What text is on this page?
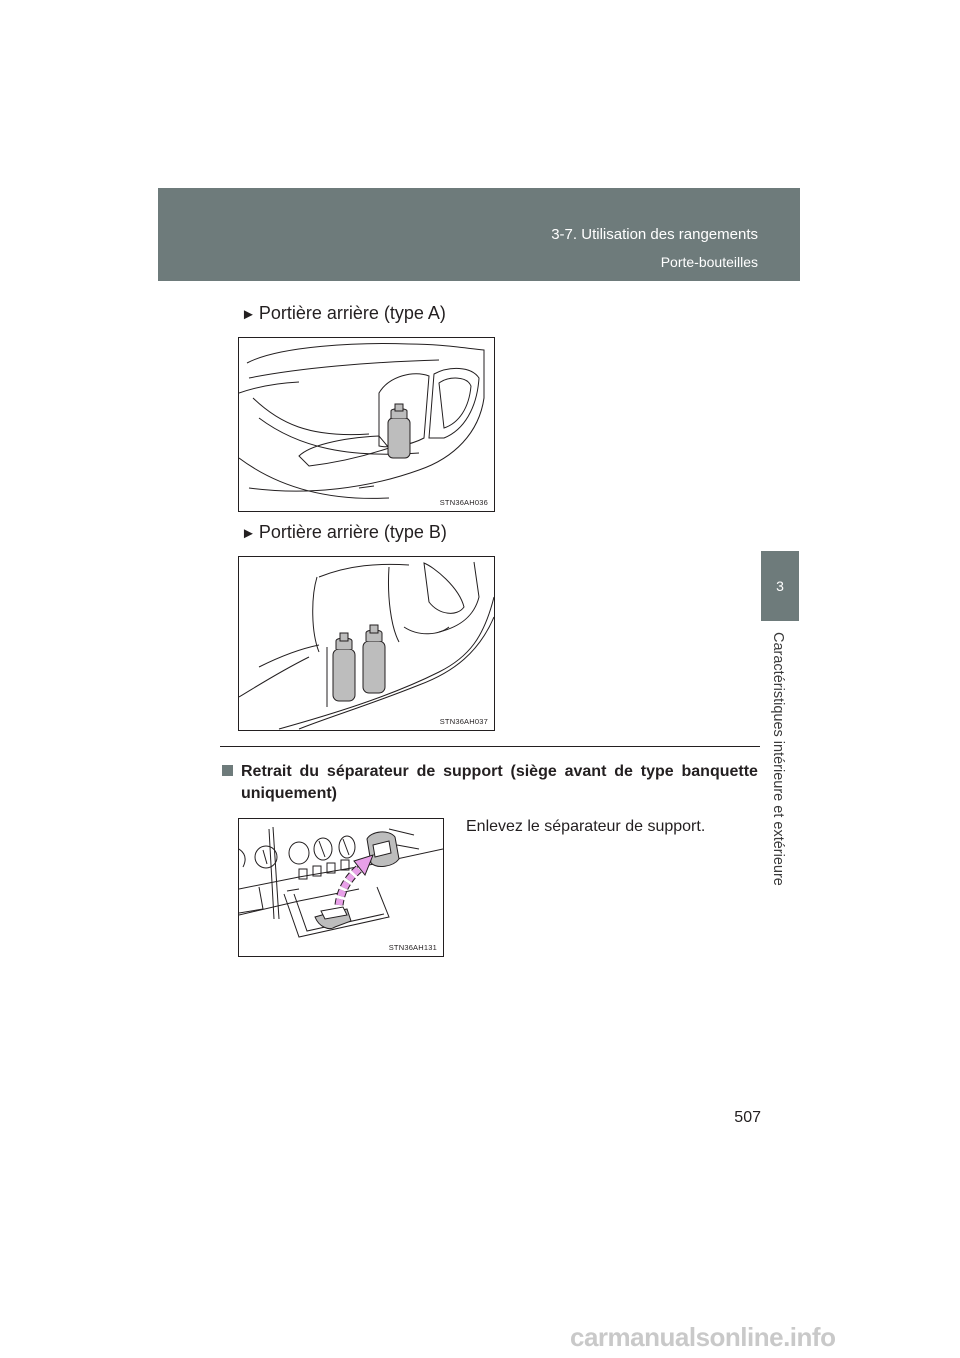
3-7. Utilisation des rangements
Porte-bouteilles
3
Caractéristiques intérieure et extérieure
► Portière arrière (type A)
STN36AH036
► Portière arrière (type B)
STN36AH037
Retrait du séparateur de support (siège avant de type banquette
uniquement)
STN36AH131
Enlevez le séparateur de support.
507
carmanualsonline.info
